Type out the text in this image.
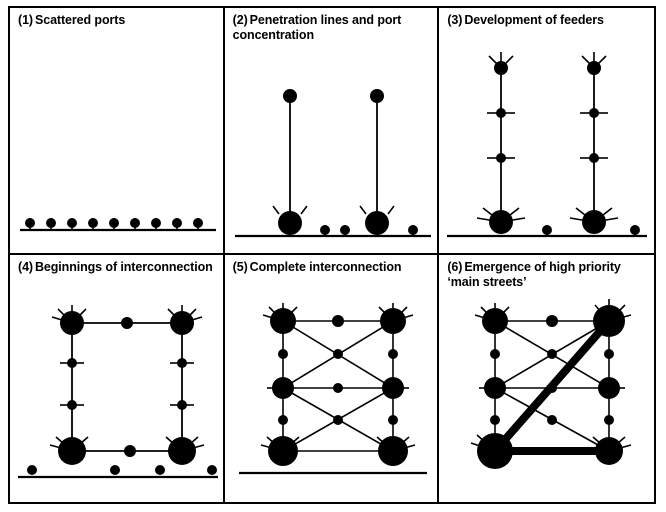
(1) Scattered ports	(2) Penetration lines and port concentration
(3) Development of feeders
(4) Beginnings of interconnection	(5) Complete interconnection	(6) Emergence of high priority ‘main streets’
